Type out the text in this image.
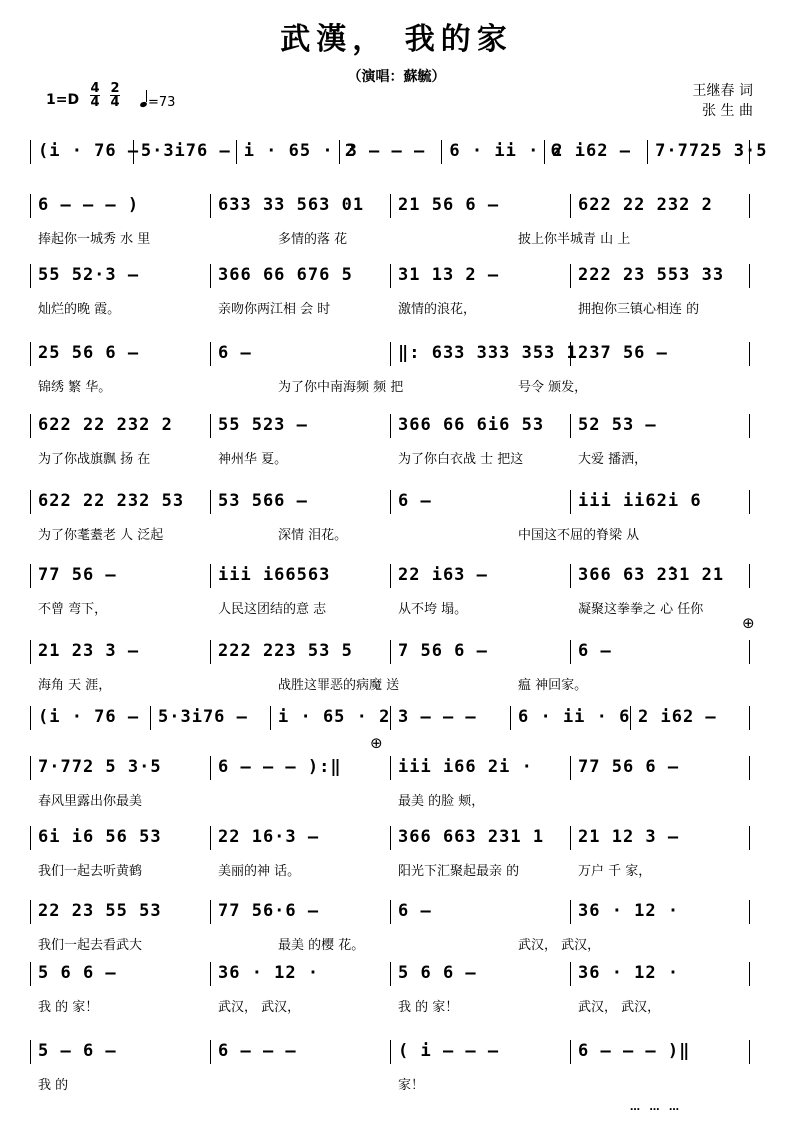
武漢， 我的家
（演唱：蘇毓）
王继春 词
张 生 曲
$1=D \frac{4}{4} \frac{2}{4}$	=73
(i · 76 – 5·3i76 – i · 65 · 2
3 – – – 6 · ii · 6
2 i62 – 7·7725 3·5
6 – – – )	633 33 563 01 21 56 6 –	622 22 232 2
捧起你一城秀 水 里	多情的落 花	披上你半城青 山 上
55 52·3 –	366 66 676 5	31 13 2 –	222 23 553 33
灿烂的晚 霞。	亲吻你两江相 会 时	激情的浪花，	拥抱你三镇心相连 的
25 56 6 –	6 –	‖: 633 333 353 1 237 56 –
锦绣 繁 华。	为了你中南海频 频 把	号令 颁发，
622 22 232 2	55 523 –	366 66 6i6 53 52 53 –
为了你战旗飘 扬 在	神州华 夏。	为了你白衣战 士 把这	大爱 播洒，
622 22 232 53 53 566 –	6 –	iii ii62i 6
为了你耄耋老 人 泛起	深情 泪花。	中国这不屈的脊梁 从
77 56 –	iii i66563	22 i63 –	366 63 2̂31 21
不曾 弯下，	人民这团结的意 志	从不垮 塌。	凝聚这拳拳之 心 任你
21 23 3 –	222 223 53 5	7 56 6 –	6 –
海角 天 涯，	战胜这罪恶的病魔 送	瘟 神回家。
(i · 76 – 5·3i76 – i · 65 · 2 3 – – – 6 · ii · 6 2 i62 –
7·772 5 3·5	6 – – – ):‖	iii i66 2i ·	77 56 6 –
春风里露出你最美	最美 的脸 颊，
6i i6 56 53	22 16·3 –	366 663 231 1 21 12 3 –
我们一起去听黄鹤	美丽的神 话。	阳光下汇聚起最亲 的	万户 千 家，
22 23 55 53	77 56·6 –	6 –	36 · 12 ·
我们一起去看武大	最美 的樱 花。	武汉， 武汉，
5 6 6 –	36 · 12 ·	5 6 6 –	36 · 12 ·
我 的 家！	武汉， 武汉，	我 的 家！	武汉， 武汉，
5 – 6 –	6 – – –	( i – – –	6 – – – )‖
我 的	家！
⊕
⊕
… … …
